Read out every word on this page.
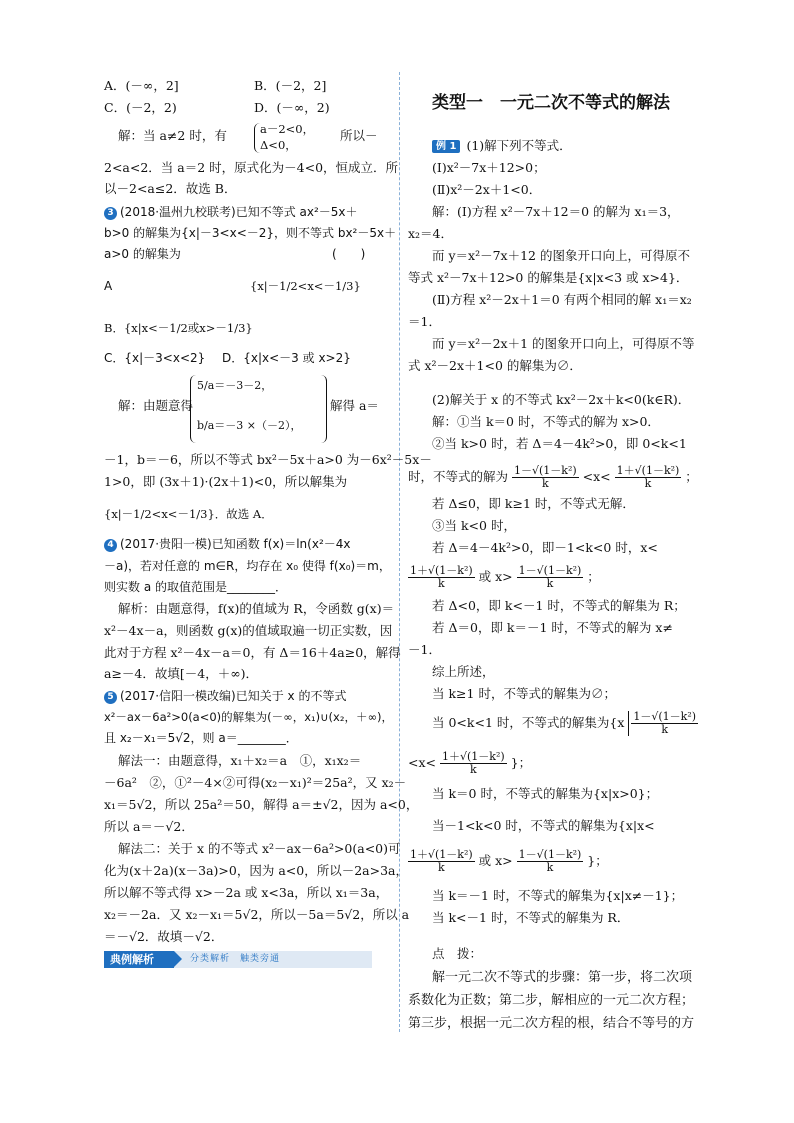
A．(－∞，2]	B．(－2，2]
C．(－2，2)	D．(－∞，2)
解：当 a≠2 时，有	a－2<0，
Δ<0，
所以－
2<a<2．当 a＝2 时，原式化为－4<0，恒成立．所
以－2<a≤2．故选 B．
3 (2018·温州九校联考)已知不等式 ax²－5x＋
b>0 的解集为{x|－3<x<－2}，则不等式 bx²－5x＋
a>0 的解集为	(　　)
A	{x|－1/2<x<－1/3}
B．{x|x<－1/2或x>－1/3}
C．{x|－3<x<2} D．{x|x<－3 或 x>2}
解：由题意得
5/a＝－3－2，
b/a＝－3 ×（－2），
解得 a＝
－1，b＝－6，所以不等式 bx²－5x＋a>0 为－6x²－5x－
1>0，即 (3x＋1)·(2x＋1)<0，所以解集为
{x|－1/2<x<－1/3}．故选 A．
4 (2017·贵阳一模)已知函数 f(x)＝ln(x²－4x
－a)，若对任意的 m∈R，均存在 x₀ 使得 f(x₀)＝m，
则实数 a 的取值范围是________．
解析：由题意得，f(x)的值域为 R，令函数 g(x)＝
x²－4x－a，则函数 g(x)的值域取遍一切正实数，因
此对于方程 x²－4x－a＝0，有 Δ＝16＋4a≥0，解得
a≥－4．故填[－4，＋∞)．
5 (2017·信阳一模改编)已知关于 x 的不等式
x²－ax－6a²>0(a<0)的解集为(－∞，x₁)∪(x₂，＋∞)，
且 x₂－x₁＝5√2，则 a＝________．
解法一：由题意得，x₁＋x₂＝a　①，x₁x₂＝
－6a²　②，①²－4×②可得(x₂－x₁)²＝25a²，又 x₂－
x₁＝5√2，所以 25a²＝50，解得 a＝±√2，因为 a<0，
所以 a＝－√2．
解法二：关于 x 的不等式 x²－ax－6a²>0(a<0)可
化为(x＋2a)(x－3a)>0，因为 a<0，所以－2a>3a，
所以解不等式得 x>－2a 或 x<3a，所以 x₁＝3a，
x₂＝－2a．又 x₂－x₁＝5√2，所以－5a＝5√2，所以 a
＝－√2．故填－√2．
典例解析	分类解析　触类旁通
类型一　一元二次不等式的解法
例 1 (1)解下列不等式．
(Ⅰ)x²－7x＋12>0；
(Ⅱ)x²－2x＋1<0．
解：(Ⅰ)方程 x²－7x＋12＝0 的解为 x₁＝3，
x₂＝4．
而 y＝x²－7x＋12 的图象开口向上，可得原不
等式 x²－7x＋12>0 的解集是{x|x<3 或 x>4}．
(Ⅱ)方程 x²－2x＋1＝0 有两个相同的解 x₁＝x₂
＝1．
而 y＝x²－2x＋1 的图象开口向上，可得原不等
式 x²－2x＋1<0 的解集为∅．
(2)解关于 x 的不等式 kx²－2x＋k<0(k∈R)．
解：①当 k＝0 时，不等式的解为 x>0．
②当 k>0 时，若 Δ＝4－4k²>0，即 0<k<1
时，不等式的解为 $\frac{\text{1－√(1－k²)}}{k} <x< \frac{\text{1＋√(1－k²)}}{k}$ ；
若 Δ≤0，即 k≥1 时，不等式无解．
③当 k<0 时，
若 Δ＝4－4k²>0，即－1<k<0 时，x<
$\frac{\text{1＋√(1－k²)}}{k}$ 或 $x> \frac{\text{1－√(1－k²)}}{k}$ ；
若 Δ<0，即 k<－1 时，不等式的解集为 R；
若 Δ＝0，即 k＝－1 时，不等式的解为 x≠
－1．
综上所述，
当 k≥1 时，不等式的解集为∅；
当 0<k<1 时，不等式的解集为{$x \frac{\text{1－√(1－k²)}}{k}$
$<x< \frac{\text{1＋√(1－k²)}}{k}$ }；
当 k＝0 时，不等式的解集为{x|x>0}；
当－1<k<0 时，不等式的解集为{x|x<
$\frac{\text{1＋√(1－k²)}}{k}$ 或 $x> \frac{\text{1－√(1－k²)}}{k}$ }；
当 k＝－1 时，不等式的解集为{x|x≠－1}；
当 k<－1 时，不等式的解集为 R．
点　拨：
解一元二次不等式的步骤：第一步，将二次项
系数化为正数；第二步，解相应的一元二次方程；
第三步，根据一元二次方程的根，结合不等号的方
